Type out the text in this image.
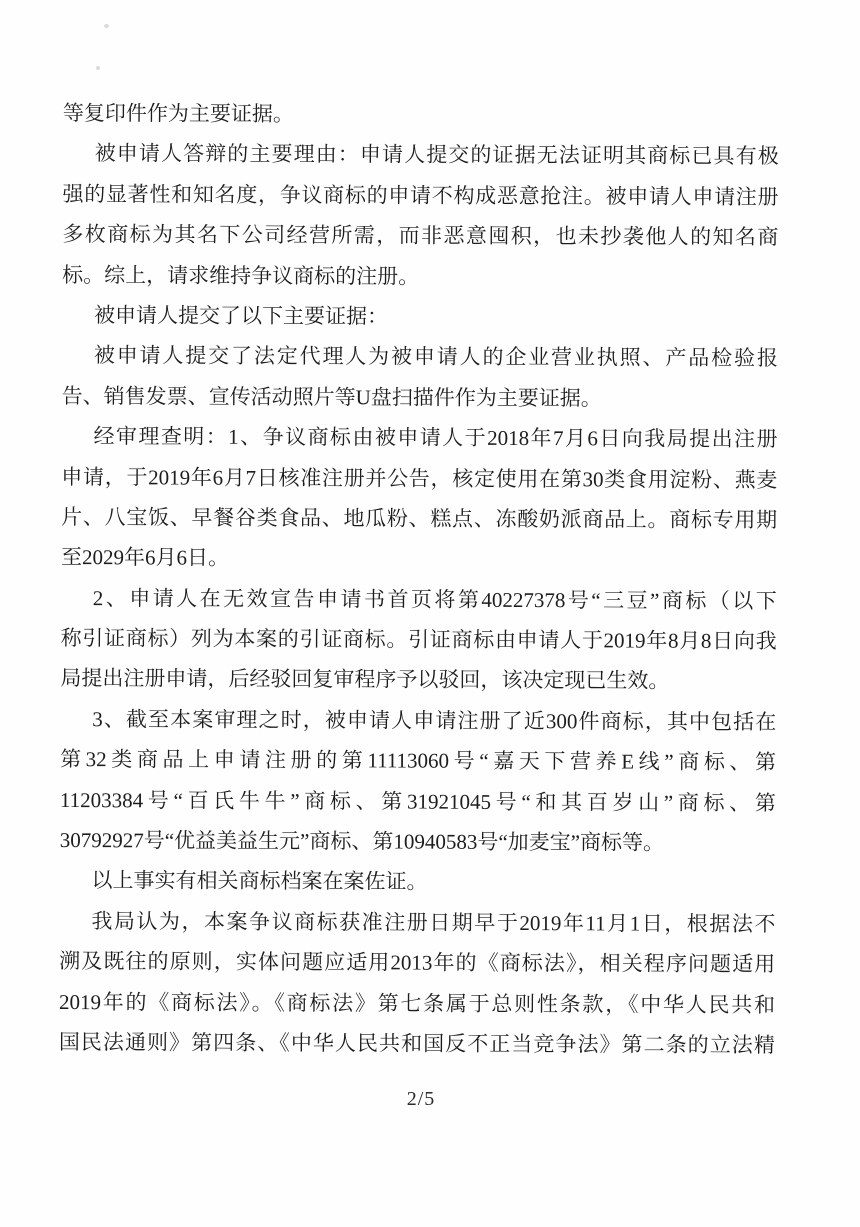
等复印件作为主要证据。
被申请人答辩的主要理由：申请人提交的证据无法证明其商标已具有极
强的显著性和知名度，争议商标的申请不构成恶意抢注。被申请人申请注册
多枚商标为其名下公司经营所需，而非恶意囤积，也未抄袭他人的知名商
标。综上，请求维持争议商标的注册。
被申请人提交了以下主要证据：
被申请人提交了法定代理人为被申请人的企业营业执照、产品检验报
告、销售发票、宣传活动照片等U盘扫描件作为主要证据。
经审理查明：1、争议商标由被申请人于2018年7月6日向我局提出注册
申请，于2019年6月7日核准注册并公告，核定使用在第30类食用淀粉、燕麦
片、八宝饭、早餐谷类食品、地瓜粉、糕点、冻酸奶派商品上。商标专用期
至2029年6月6日。
2、申请人在无效宣告申请书首页将第40227378号“三豆”商标（以下
称引证商标）列为本案的引证商标。引证商标由申请人于2019年8月8日向我
局提出注册申请，后经驳回复审程序予以驳回，该决定现已生效。
3、截至本案审理之时，被申请人申请注册了近300件商标，其中包括在
第32类商品上申请注册的第11113060号“嘉天下营养E线”商标、第
11203384号“百氏牛牛”商标、第31921045号“和其百岁山”商标、第
30792927号“优益美益生元”商标、第10940583号“加麦宝”商标等。
以上事实有相关商标档案在案佐证。
我局认为，本案争议商标获准注册日期早于2019年11月1日，根据法不
溯及既往的原则，实体问题应适用2013年的《商标法》，相关程序问题适用
2019年的《商标法》。《商标法》第七条属于总则性条款，《中华人民共和
国民法通则》第四条、《中华人民共和国反不正当竞争法》第二条的立法精
2/5
